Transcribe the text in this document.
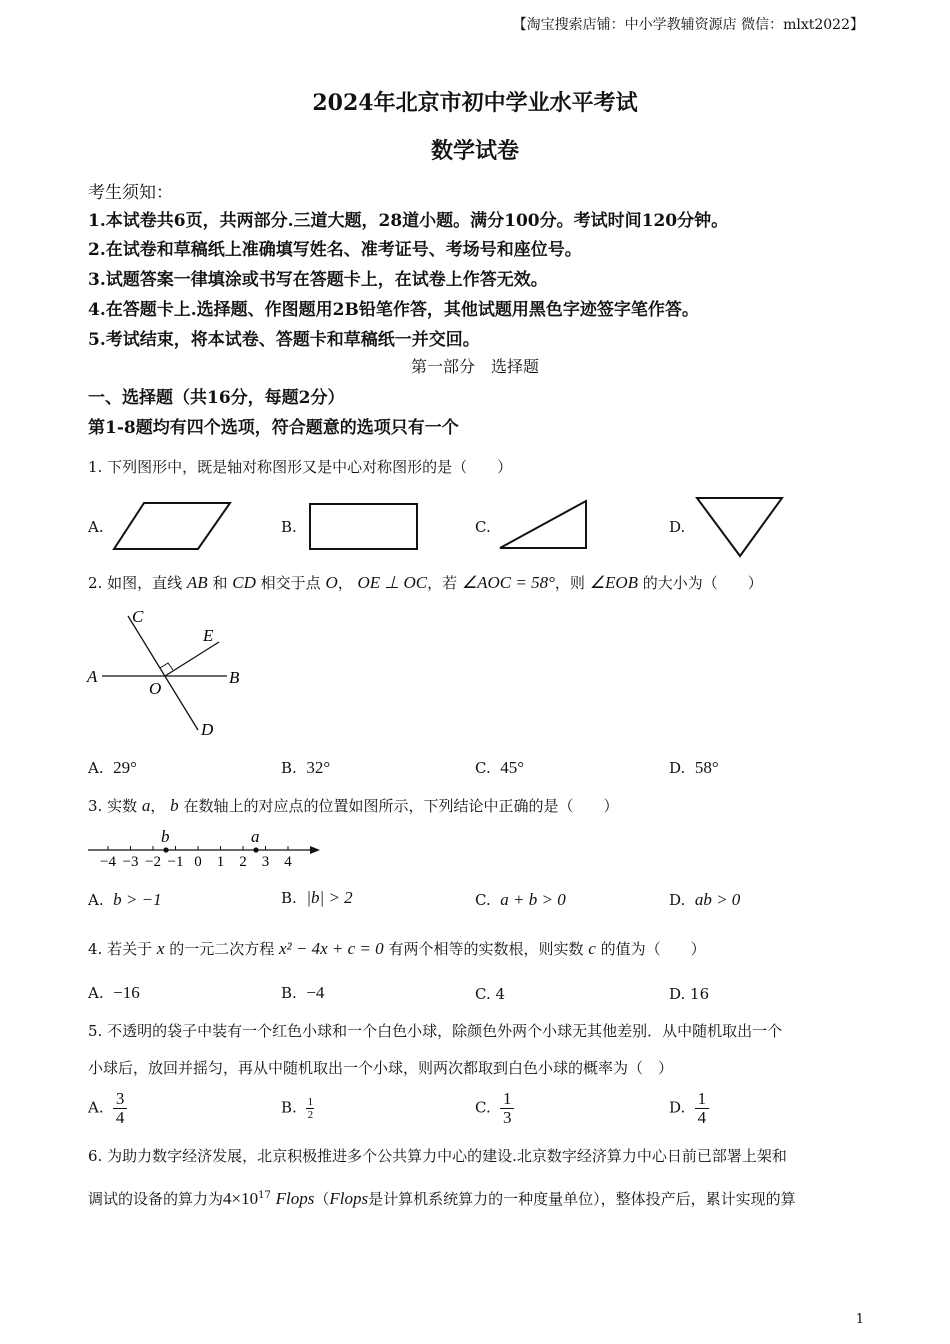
【淘宝搜索店铺：中小学教辅资源店 微信：mlxt2022】
2024年北京市初中学业水平考试
数学试卷
考生须知：
1.本试卷共6页，共两部分.三道大题，28道小题。满分100分。考试时间120分钟。
2.在试卷和草稿纸上准确填写姓名、准考证号、考场号和座位号。
3.试题答案一律填涂或书写在答题卡上，在试卷上作答无效。
4.在答题卡上.选择题、作图题用2B铅笔作答，其他试题用黑色字迹签字笔作答。
5.考试结束，将本试卷、答题卡和草稿纸一并交回。
第一部分　选择题
一、选择题（共16分，每题2分）
第1-8题均有四个选项，符合题意的选项只有一个
1. 下列图形中，既是轴对称图形又是中心对称图形的是（　　）
A.	B.	C.	D.
2. 如图，直线 AB 和 CD 相交于点 O， OE ⊥ OC，若 ∠AOC = 58°，则 ∠EOB 的大小为（　　）
C
E
A	B
O
D
A. 29°	B. 32°	C. 45°	D. 58°
3. 实数 a， b 在数轴上的对应点的位置如图所示，下列结论中正确的是（　　）
−4 −3 −2 −1 0 1 2 3 4
b	a
A. b > −1	B. |b| > 2	C. a + b > 0	D. ab > 0
4. 若关于 x 的一元二次方程 x² − 4x + c = 0 有两个相等的实数根，则实数 c 的值为（　　）
A. −16	B. −4	C. 4	D. 16
5. 不透明的袋子中装有一个红色小球和一个白色小球，除颜色外两个小球无其他差别．从中随机取出一个
小球后，放回并摇匀，再从中随机取出一个小球，则两次都取到白色小球的概率为（　）
A. $\frac{3}{4}$	B. $\frac{1}{2}$	C. $\frac{1}{3}$	D. $\frac{1}{4}$
6. 为助力数字经济发展，北京积极推进多个公共算力中心的建设.北京数字经济算力中心日前已部署上架和
调试的设备的算力为$4\times 10^{17}$ Flops（Flops是计算机系统算力的一种度量单位），整体投产后，累计实现的算
1
